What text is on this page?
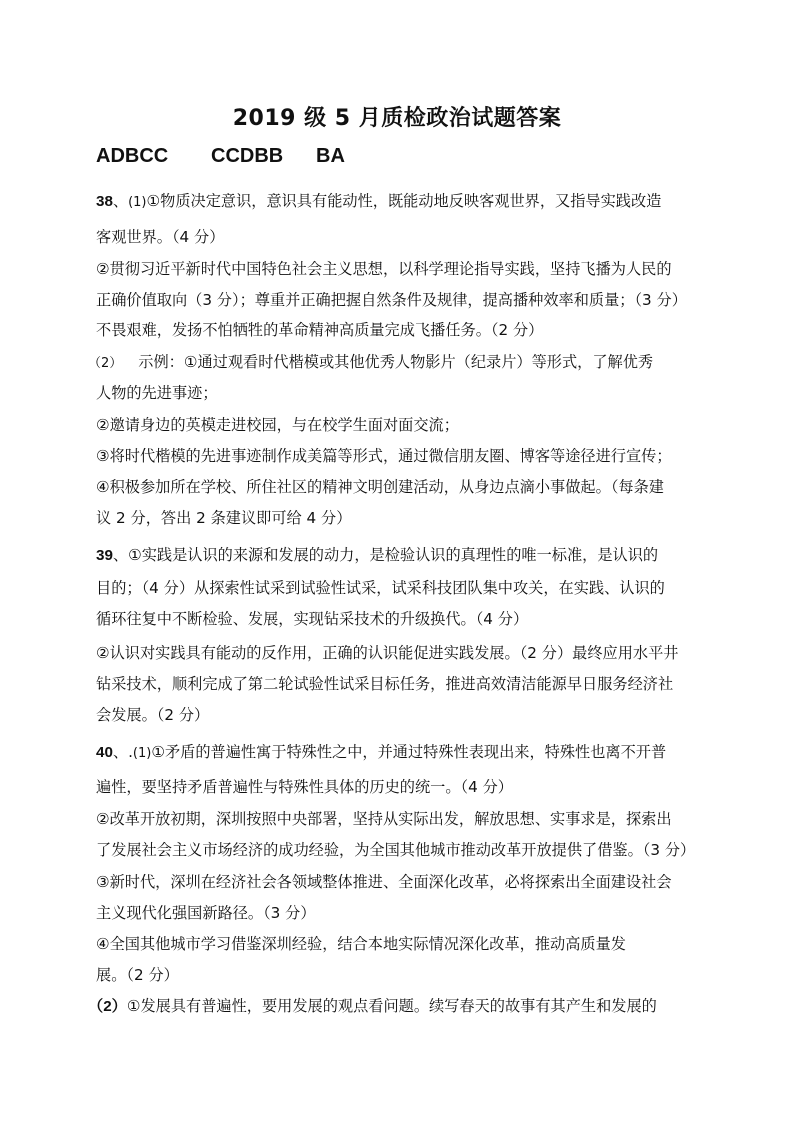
2019 级 5 月质检政治试题答案
ADBCC CCDBB BA
38、(1)①物质决定意识，意识具有能动性，既能动地反映客观世界，又指导实践改造
客观世界。（4 分）
②贯彻习近平新时代中国特色社会主义思想，以科学理论指导实践，坚持飞播为人民的
正确价值取向（3 分）；尊重并正确把握自然条件及规律，提高播种效率和质量；（3 分）
不畏艰难，发扬不怕牺牲的革命精神高质量完成飞播任务。（2 分）
（2） 示例：①通过观看时代楷模或其他优秀人物影片（纪录片）等形式，了解优秀
人物的先进事迹；
②邀请身边的英模走进校园，与在校学生面对面交流；
③将时代楷模的先进事迹制作成美篇等形式，通过微信朋友圈、博客等途径进行宣传；
④积极参加所在学校、所住社区的精神文明创建活动，从身边点滴小事做起。（每条建
议 2 分，答出 2 条建议即可给 4 分）
39、①实践是认识的来源和发展的动力，是检验认识的真理性的唯一标准，是认识的
目的；（4 分）从探索性试采到试验性试采，试采科技团队集中攻关，在实践、认识的
循环往复中不断检验、发展，实现钻采技术的升级换代。（4 分）
②认识对实践具有能动的反作用，正确的认识能促进实践发展。（2 分）最终应用水平井
钻采技术，顺利完成了第二轮试验性试采目标任务，推进高效清洁能源早日服务经济社
会发展。（2 分）
40、.(1)①矛盾的普遍性寓于特殊性之中，并通过特殊性表现出来，特殊性也离不开普
遍性，要坚持矛盾普遍性与特殊性具体的历史的统一。（4 分）
②改革开放初期，深圳按照中央部署，坚持从实际出发，解放思想、实事求是，探索出
了发展社会主义市场经济的成功经验，为全国其他城市推动改革开放提供了借鉴。（3 分）
③新时代，深圳在经济社会各领域整体推进、全面深化改革，必将探索出全面建设社会
主义现代化强国新路径。（3 分）
④全国其他城市学习借鉴深圳经验，结合本地实际情况深化改革，推动高质量发
展。（2 分）
（2）①发展具有普遍性，要用发展的观点看问题。续写春天的故事有其产生和发展的
